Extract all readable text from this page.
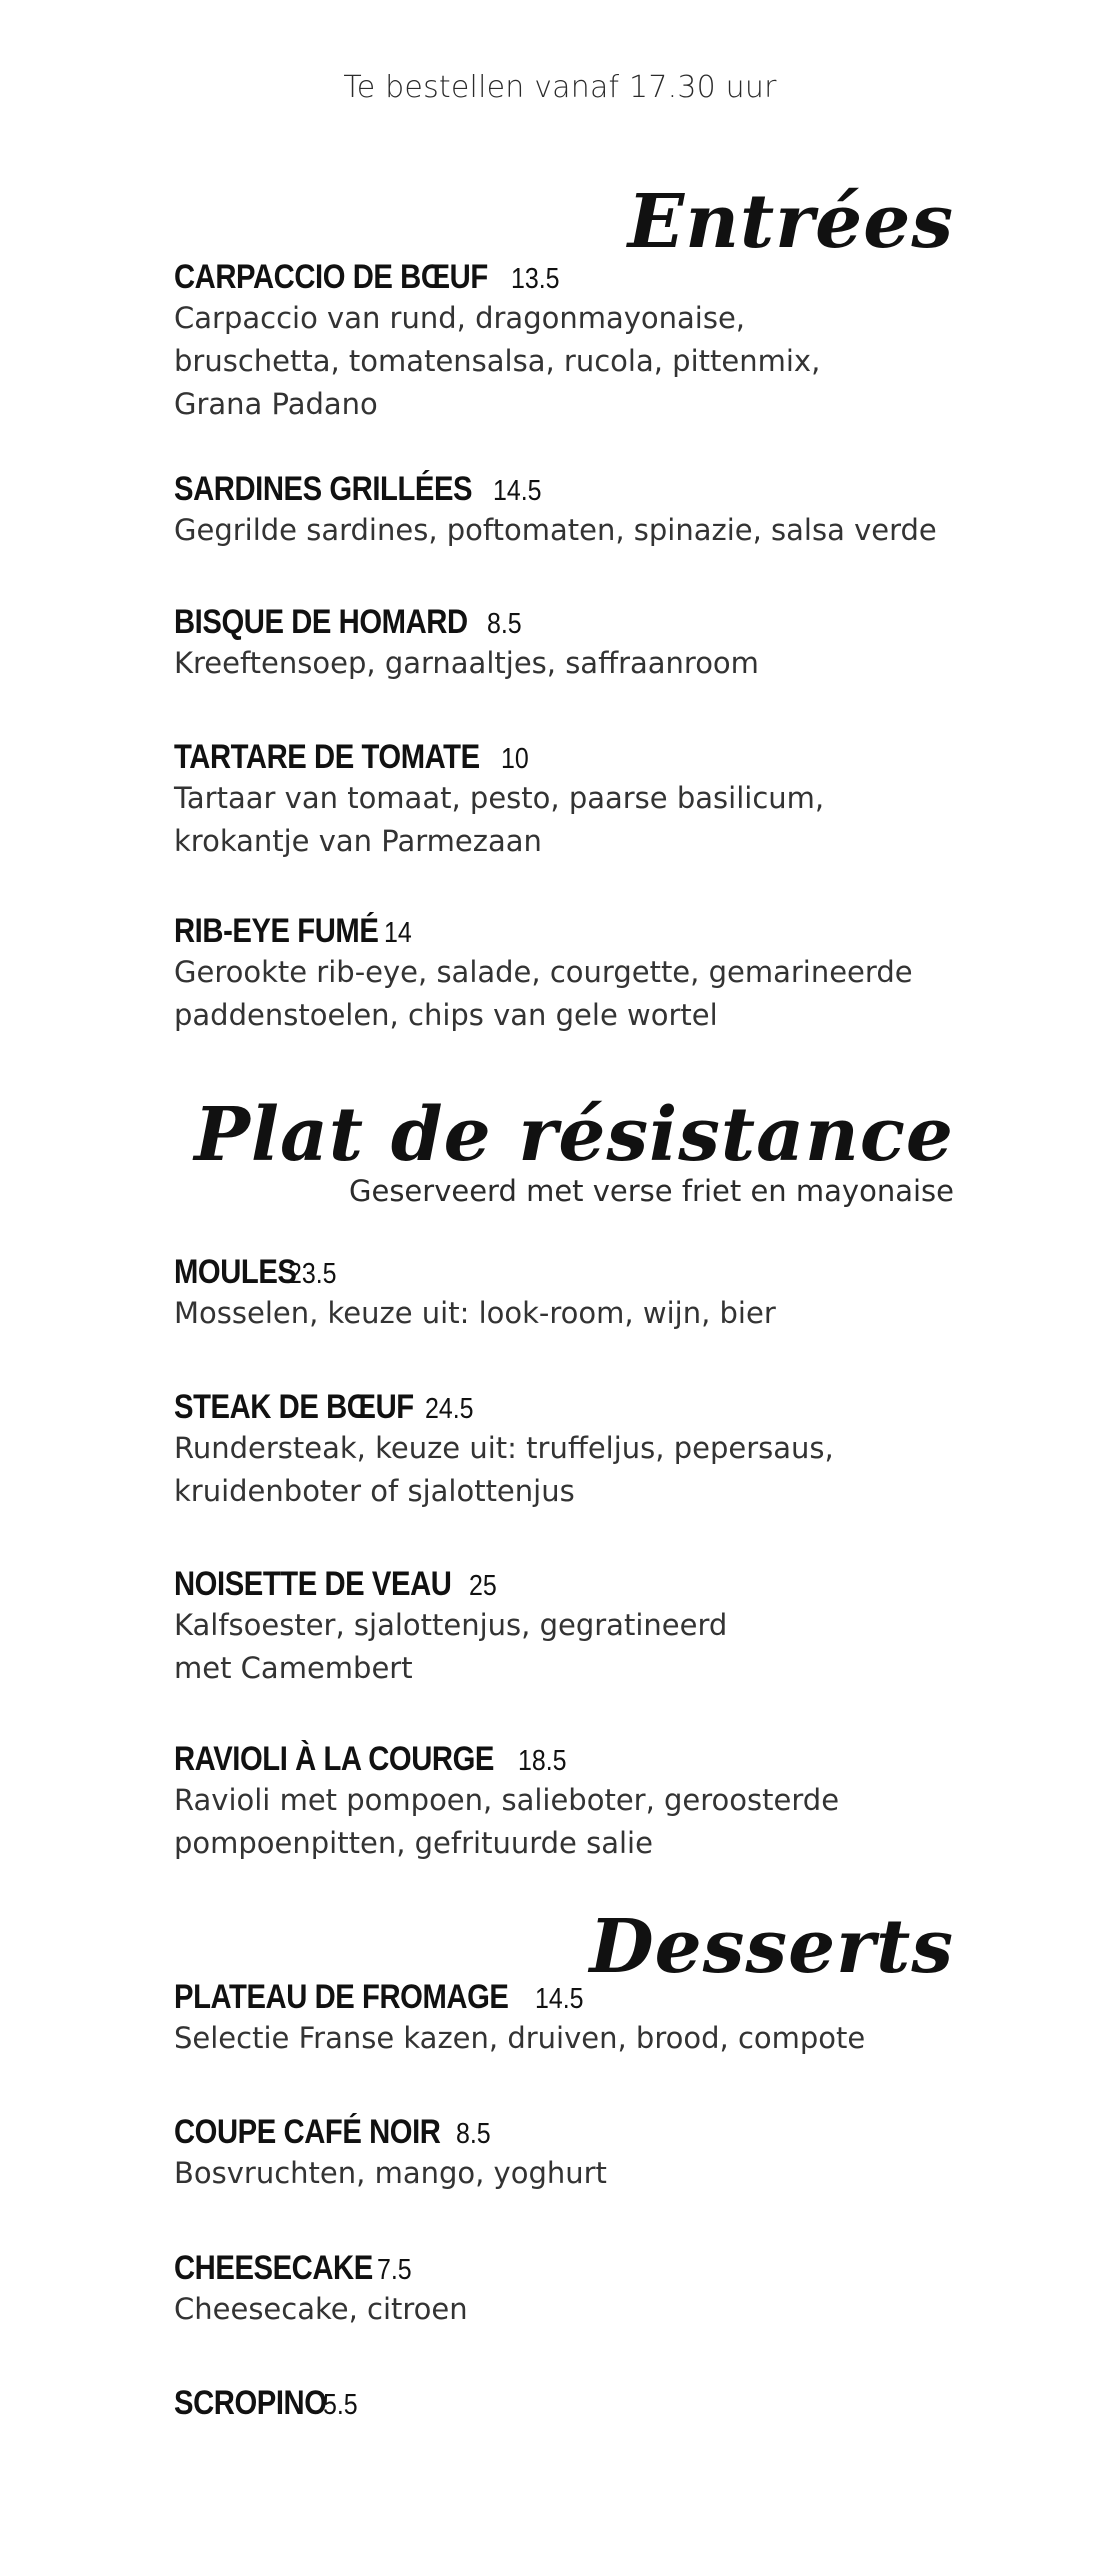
Te bestellen vanaf 17.30 uur
Entrées
CARPACCIO DE BŒUF 13.5
Carpaccio van rund, dragonmayonaise,
bruschetta, tomatensalsa, rucola, pittenmix,
Grana Padano
SARDINES GRILLÉES 14.5
Gegrilde sardines, poftomaten, spinazie, salsa verde
BISQUE DE HOMARD 8.5
Kreeftensoep, garnaaltjes, saffraanroom
TARTARE DE TOMATE 10
Tartaar van tomaat, pesto, paarse basilicum,
krokantje van Parmezaan
RIB-EYE FUMÉ 14
Gerookte rib-eye, salade, courgette, gemarineerde
paddenstoelen, chips van gele wortel
Plat de résistance
Geserveerd met verse friet en mayonaise
MOULES
23.5
Mosselen, keuze uit: look-room, wijn, bier
STEAK DE BŒUF 24.5
Rundersteak, keuze uit: truffeljus, pepersaus,
kruidenboter of sjalottenjus
NOISETTE DE VEAU 25
Kalfsoester, sjalottenjus, gegratineerd
met Camembert
RAVIOLI À LA COURGE 18.5
Ravioli met pompoen, salieboter, geroosterde
pompoenpitten, gefrituurde salie
Desserts
PLATEAU DE FROMAGE 14.5
Selectie Franse kazen, druiven, brood, compote
COUPE CAFÉ NOIR 8.5
Bosvruchten, mango, yoghurt
CHEESECAKE 7.5
Cheesecake, citroen
SCROPINO
5.5
